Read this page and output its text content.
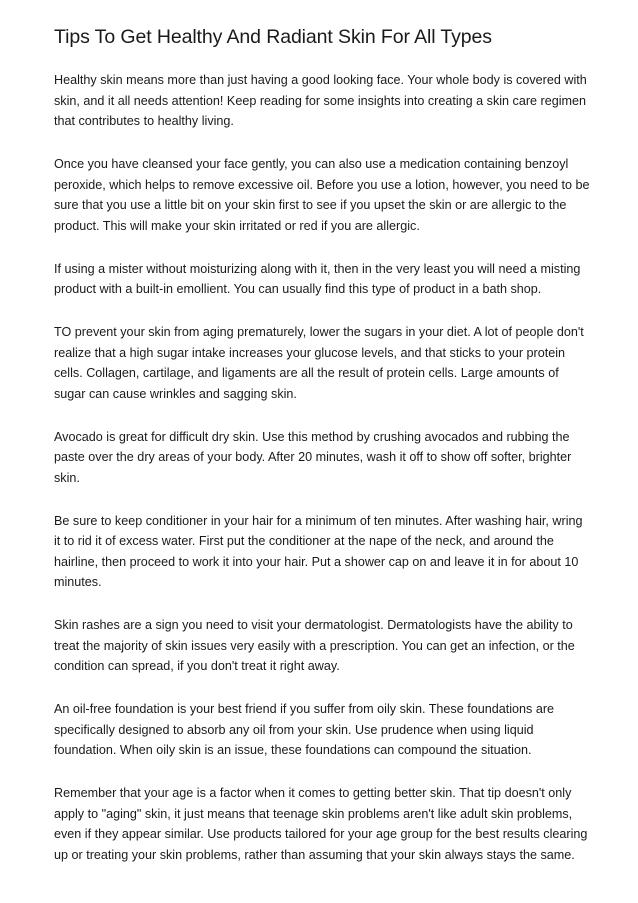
Tips To Get Healthy And Radiant Skin For All Types

Healthy skin means more than just having a good looking face. Your whole body is covered with skin, and it all needs attention! Keep reading for some insights into creating a skin care regimen that contributes to healthy living.

Once you have cleansed your face gently, you can also use a medication containing benzoyl peroxide, which helps to remove excessive oil. Before you use a lotion, however, you need to be sure that you use a little bit on your skin first to see if you upset the skin or are allergic to the product. This will make your skin irritated or red if you are allergic.

If using a mister without moisturizing along with it, then in the very least you will need a misting product with a built-in emollient. You can usually find this type of product in a bath shop.

TO prevent your skin from aging prematurely, lower the sugars in your diet. A lot of people don't realize that a high sugar intake increases your glucose levels, and that sticks to your protein cells. Collagen, cartilage, and ligaments are all the result of protein cells. Large amounts of sugar can cause wrinkles and sagging skin.

Avocado is great for difficult dry skin. Use this method by crushing avocados and rubbing the paste over the dry areas of your body. After 20 minutes, wash it off to show off softer, brighter skin.

Be sure to keep conditioner in your hair for a minimum of ten minutes. After washing hair, wring it to rid it of excess water. First put the conditioner at the nape of the neck, and around the hairline, then proceed to work it into your hair. Put a shower cap on and leave it in for about 10 minutes.

Skin rashes are a sign you need to visit your dermatologist. Dermatologists have the ability to treat the majority of skin issues very easily with a prescription. You can get an infection, or the condition can spread, if you don't treat it right away.

An oil-free foundation is your best friend if you suffer from oily skin. These foundations are specifically designed to absorb any oil from your skin. Use prudence when using liquid foundation. When oily skin is an issue, these foundations can compound the situation.

Remember that your age is a factor when it comes to getting better skin. That tip doesn't only apply to "aging" skin, it just means that teenage skin problems aren't like adult skin problems, even if they appear similar. Use products tailored for your age group for the best results clearing up or treating your skin problems, rather than assuming that your skin always stays the same.
